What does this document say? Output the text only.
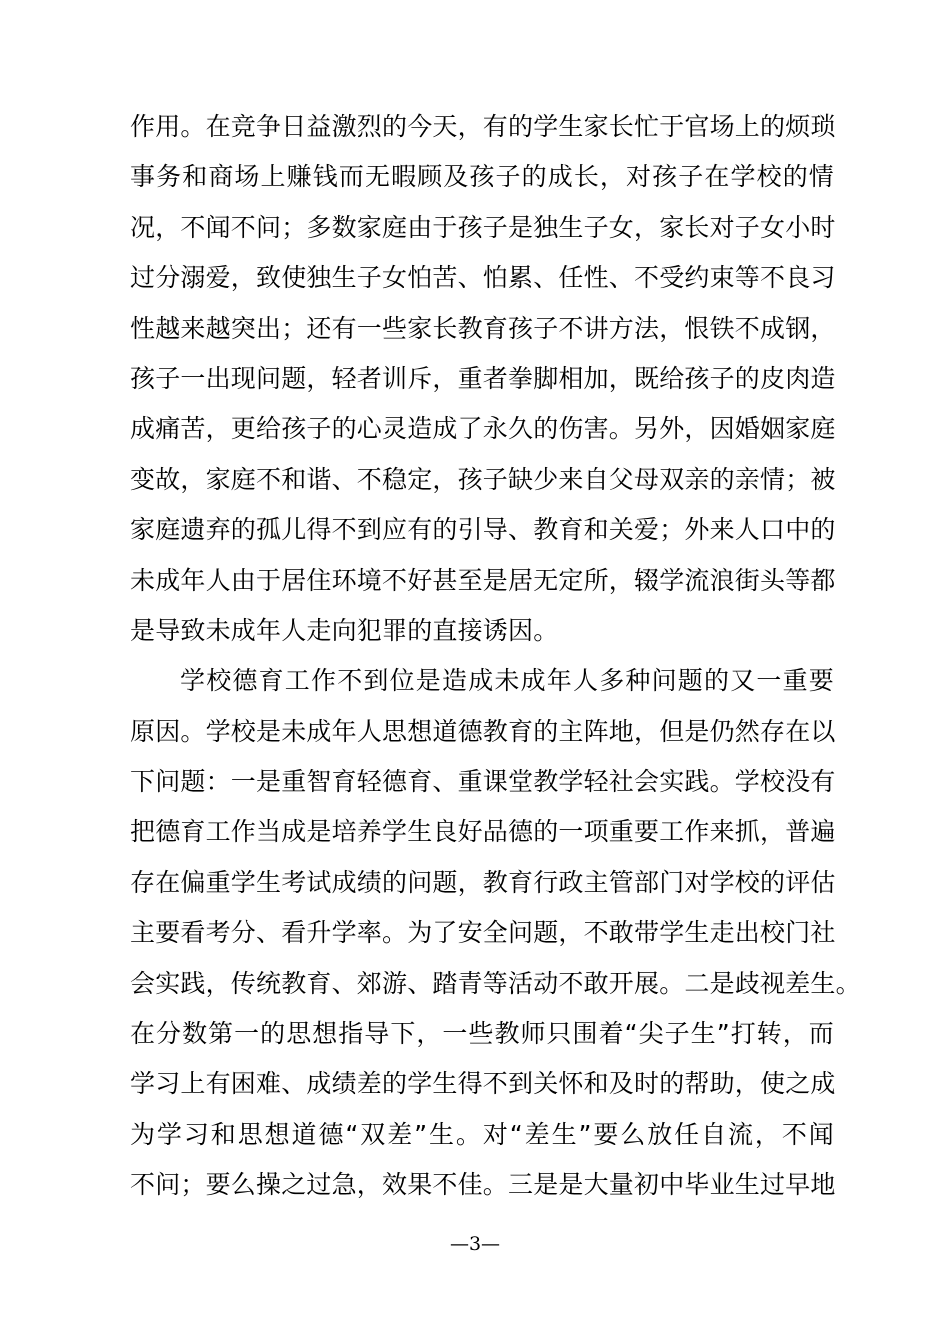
作用。在竞争日益激烈的今天，有的学生家长忙于官场上的烦琐
事务和商场上赚钱而无暇顾及孩子的成长，对孩子在学校的情
况，不闻不问；多数家庭由于孩子是独生子女，家长对子女小时
过分溺爱，致使独生子女怕苦、怕累、任性、不受约束等不良习
性越来越突出；还有一些家长教育孩子不讲方法，恨铁不成钢，
孩子一出现问题，轻者训斥，重者拳脚相加，既给孩子的皮肉造
成痛苦，更给孩子的心灵造成了永久的伤害。另外，因婚姻家庭
变故，家庭不和谐、不稳定，孩子缺少来自父母双亲的亲情；被
家庭遗弃的孤儿得不到应有的引导、教育和关爱；外来人口中的
未成年人由于居住环境不好甚至是居无定所，辍学流浪街头等都
是导致未成年人走向犯罪的直接诱因。
学校德育工作不到位是造成未成年人多种问题的又一重要
原因。学校是未成年人思想道德教育的主阵地，但是仍然存在以
下问题：一是重智育轻德育、重课堂教学轻社会实践。学校没有
把德育工作当成是培养学生良好品德的一项重要工作来抓，普遍
存在偏重学生考试成绩的问题，教育行政主管部门对学校的评估
主要看考分、看升学率。为了安全问题，不敢带学生走出校门社
会实践，传统教育、郊游、踏青等活动不敢开展。二是歧视差生。
在分数第一的思想指导下，一些教师只围着“尖子生”打转，而
学习上有困难、成绩差的学生得不到关怀和及时的帮助，使之成
为学习和思想道德“双差”生。对“差生”要么放任自流，不闻
不问；要么操之过急，效果不佳。三是是大量初中毕业生过早地
—3—
